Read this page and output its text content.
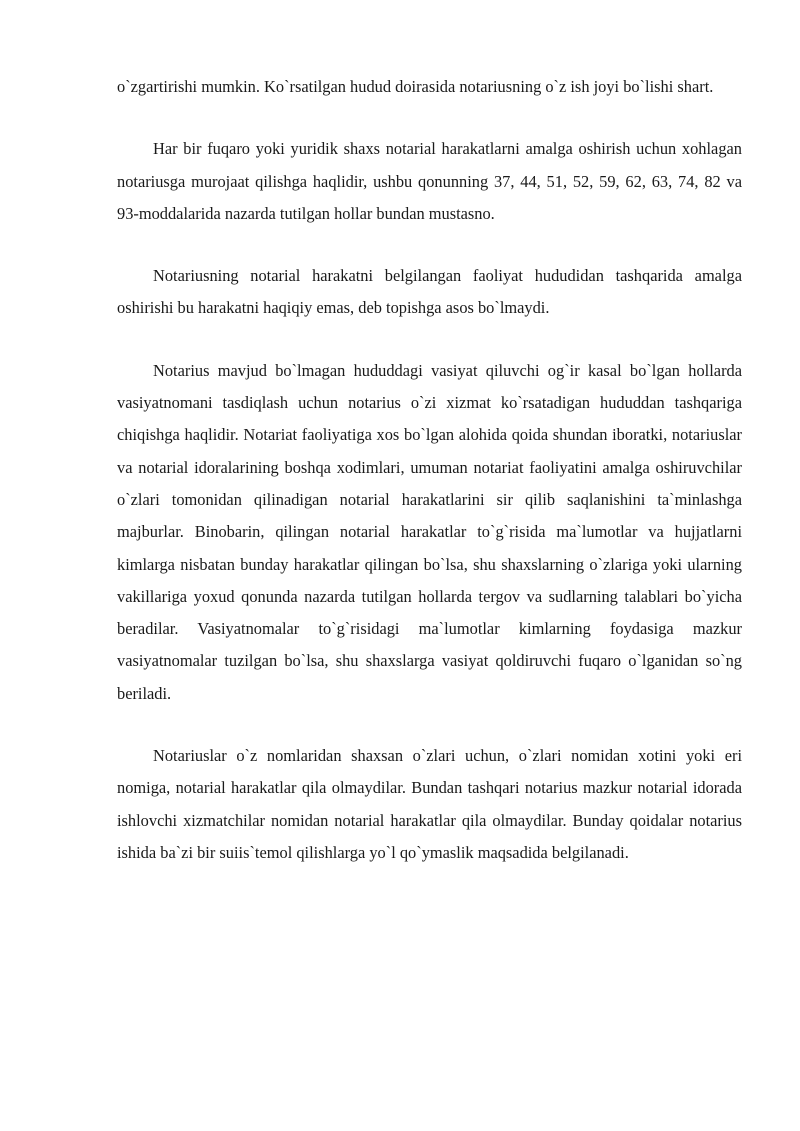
o`zgartirishi mumkin. Ko`rsatilgan hudud doirasida notariusning o`z ish joyi bo`lishi shart.

Har bir fuqaro yoki yuridik shaxs notarial harakatlarni amalga oshirish uchun xohlagan notariusga murojaat qilishga haqlidir, ushbu qonunning 37, 44, 51, 52, 59, 62, 63, 74, 82 va 93-moddalarida nazarda tutilgan hollar bundan mustasno.

Notariusning notarial harakatni belgilangan faoliyat hududidan tashqarida amalga oshirishi bu harakatni haqiqiy emas, deb topishga asos bo`lmaydi.

Notarius mavjud bo`lmagan hududdagi vasiyat qiluvchi og`ir kasal bo`lgan hollarda vasiyatnomani tasdiqlash uchun notarius o`zi xizmat ko`rsatadigan hududdan tashqariga chiqishga haqlidir. Notariat faoliyatiga xos bo`lgan alohida qoida shundan iboratki, notariuslar va notarial idoralarining boshqa xodimlari, umuman notariat faoliyatini amalga oshiruvchilar o`zlari tomonidan qilinadigan notarial harakatlarini sir qilib saqlanishini ta`minlashga majburlar. Binobarin, qilingan notarial harakatlar to`g`risida ma`lumotlar va hujjatlarni kimlarga nisbatan bunday harakatlar qilingan bo`lsa, shu shaxslarning o`zlariga yoki ularning vakillariga yoxud qonunda nazarda tutilgan hollarda tergov va sudlarning talablari bo`yicha beradilar. Vasiyatnomalar to`g`risidagi ma`lumotlar kimlarning foydasiga mazkur vasiyatnomalar tuzilgan bo`lsa, shu shaxslarga vasiyat qoldiruvchi fuqaro o`lganidan so`ng beriladi.

Notariuslar o`z nomlaridan shaxsan o`zlari uchun, o`zlari nomidan xotini yoki eri nomiga, notarial harakatlar qila olmaydilar. Bundan tashqari notarius mazkur notarial idorada ishlovchi xizmatchilar nomidan notarial harakatlar qila olmaydilar. Bunday qoidalar notarius ishida ba`zi bir suiis`temol qilishlarga yo`l qo`ymaslik maqsadida belgilanadi.
